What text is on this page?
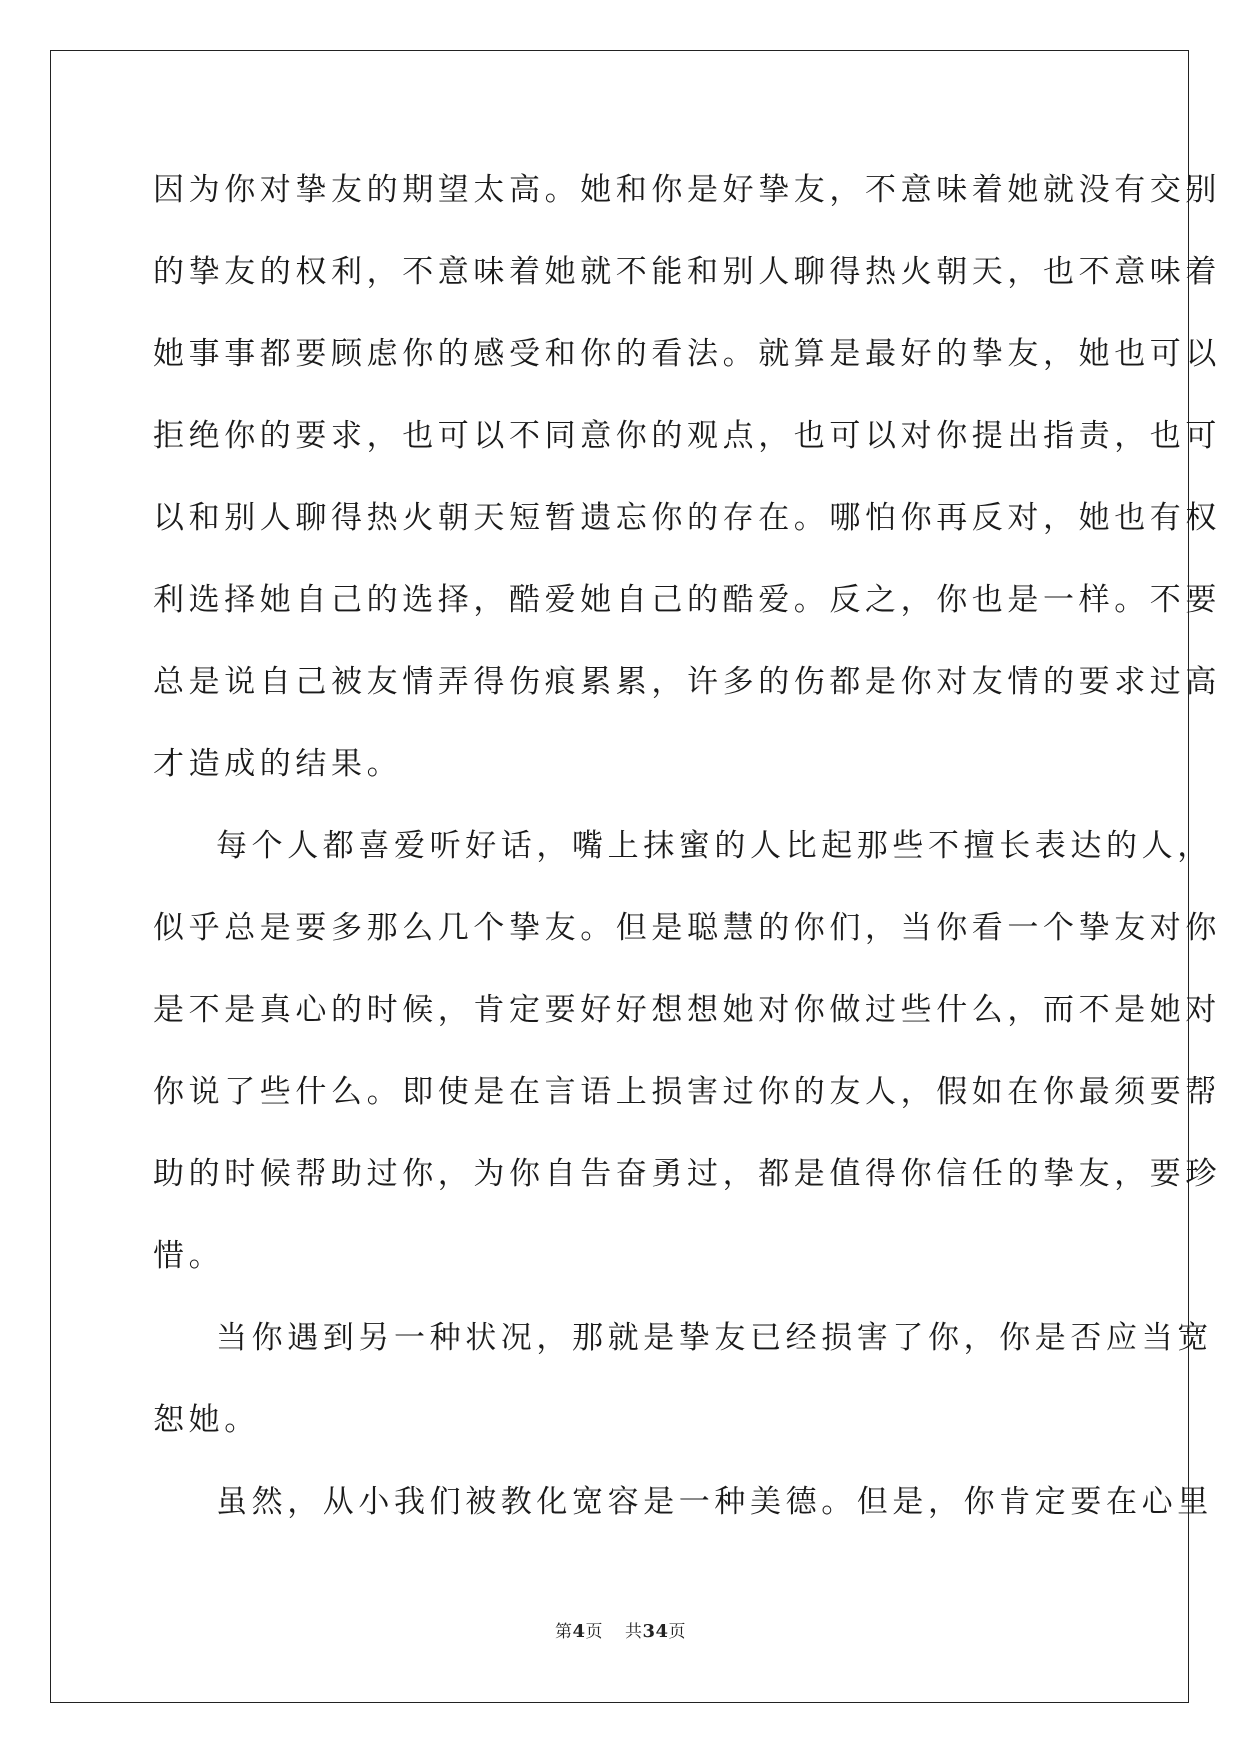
因为你对挚友的期望太高。她和你是好挚友，不意味着她就没有交别
的挚友的权利，不意味着她就不能和别人聊得热火朝天，也不意味着
她事事都要顾虑你的感受和你的看法。就算是最好的挚友，她也可以
拒绝你的要求，也可以不同意你的观点，也可以对你提出指责，也可
以和别人聊得热火朝天短暂遗忘你的存在。哪怕你再反对，她也有权
利选择她自己的选择，酷爱她自己的酷爱。反之，你也是一样。不要
总是说自己被友情弄得伤痕累累，许多的伤都是你对友情的要求过高
才造成的结果。
每个人都喜爱听好话，嘴上抹蜜的人比起那些不擅长表达的人，
似乎总是要多那么几个挚友。但是聪慧的你们，当你看一个挚友对你
是不是真心的时候，肯定要好好想想她对你做过些什么，而不是她对
你说了些什么。即使是在言语上损害过你的友人，假如在你最须要帮
助的时候帮助过你，为你自告奋勇过，都是值得你信任的挚友，要珍
惜。
当你遇到另一种状况，那就是挚友已经损害了你，你是否应当宽
恕她。
虽然，从小我们被教化宽容是一种美德。但是，你肯定要在心里
第4页 共34页
